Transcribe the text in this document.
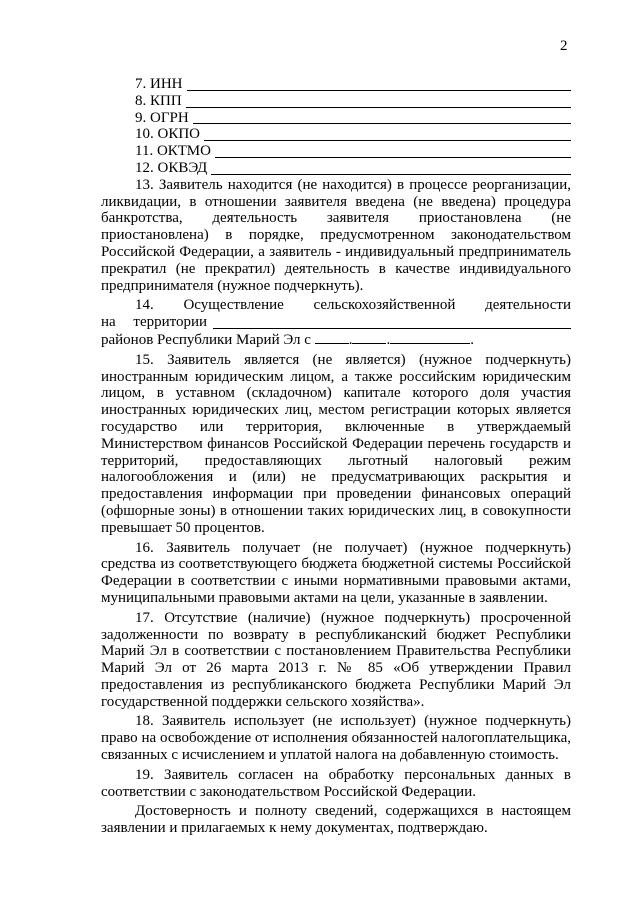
2
7. ИНН
8. КПП
9. ОГРН
10. ОКПО
11. ОКТМО
12. ОКВЭД

13. Заявитель находится (не находится) в процессе реорганизации, ликвидации, в отношении заявителя введена (не введена) процедура банкротства, деятельность заявителя приостановлена (не приостановлена) в порядке, предусмотренном законодательством Российской Федерации, а заявитель - индивидуальный предприниматель прекратил (не прекратил) деятельность в качестве индивидуального предпринимателя (нужное подчеркнуть).

14. Осуществление сельскохозяйственной деятельности

на территории
районов Республики Марий Эл с	. .	.

15. Заявитель является (не является) (нужное подчеркнуть) иностранным юридическим лицом, а также российским юридическим лицом, в уставном (складочном) капитале которого доля участия иностранных юридических лиц, местом регистрации которых является государство или территория, включенные в утверждаемый Министерством финансов Российской Федерации перечень государств и территорий, предоставляющих льготный налоговый режим налогообложения и (или) не предусматривающих раскрытия и предоставления информации при проведении финансовых операций (офшорные зоны) в отношении таких юридических лиц, в совокупности превышает 50 процентов.

16. Заявитель получает (не получает) (нужное подчеркнуть) средства из соответствующего бюджета бюджетной системы Российской Федерации в соответствии с иными нормативными правовыми актами, муниципальными правовыми актами на цели, указанные в заявлении.

17. Отсутствие (наличие) (нужное подчеркнуть) просроченной задолженности по возврату в республиканский бюджет Республики Марий Эл в соответствии с постановлением Правительства Республики Марий Эл от 26 марта 2013 г. № 85 «Об утверждении Правил предоставления из республиканского бюджета Республики Марий Эл государственной поддержки сельского хозяйства».

18. Заявитель использует (не использует) (нужное подчеркнуть) право на освобождение от исполнения обязанностей налогоплательщика, связанных с исчислением и уплатой налога на добавленную стоимость.

19. Заявитель согласен на обработку персональных данных в соответствии с законодательством Российской Федерации.

Достоверность и полноту сведений, содержащихся в настоящем заявлении и прилагаемых к нему документах, подтверждаю.
